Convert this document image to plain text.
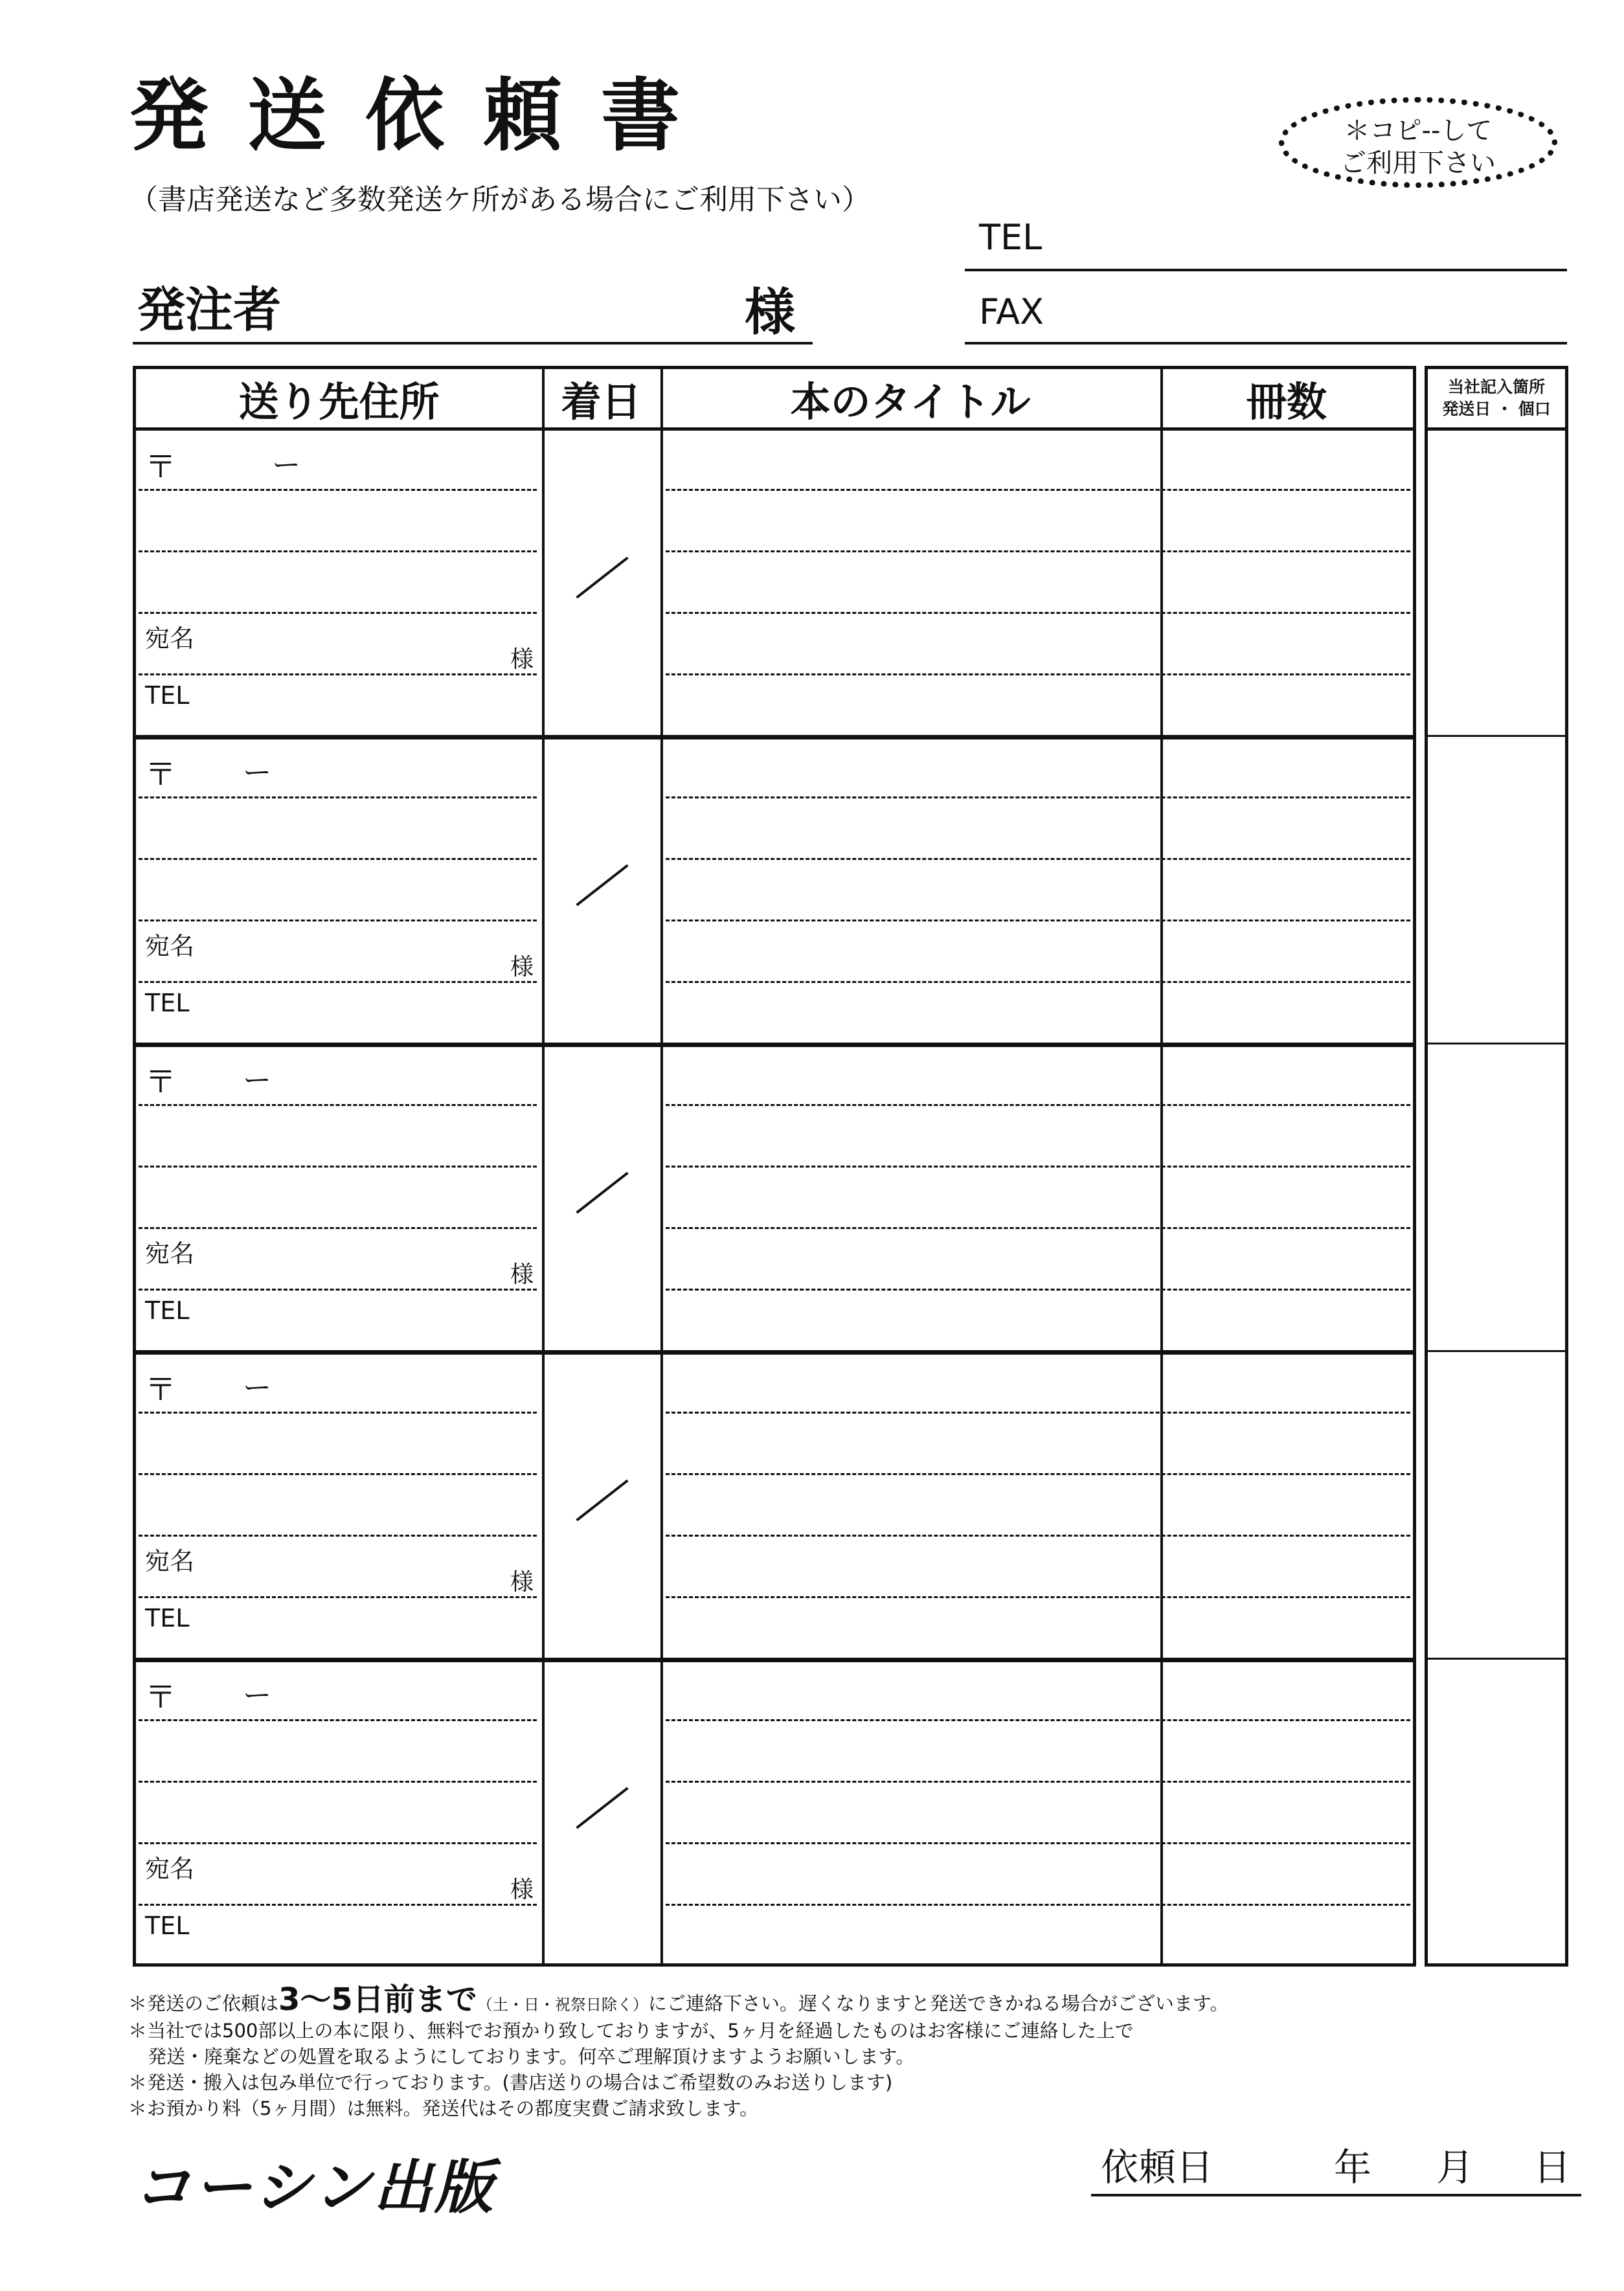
発送依頼書
（書店発送など多数発送ケ所がある場合にご利用下さい）
＊コピ--して
ご利用下さい
TEL
発注者	様	FAX
送り先住所	着日	本のタイトル	冊数
〒	ー
宛名
様
TEL
〒 ー
宛名
様
TEL
〒 ー
宛名
様
TEL
〒 ー
宛名
様
TEL
〒 ー
宛名
様
TEL
当社記入箇所
発送日 ・ 個口
＊発送のご依頼は3〜5日前まで（土・日・祝祭日除く）にご連絡下さい。遅くなりますと発送できかねる場合がございます。
＊当社では500部以上の本に限り、無料でお預かり致しておりますが、5ヶ月を経過したものはお客様にご連絡した上で
発送・廃棄などの処置を取るようにしております。何卒ご理解頂けますようお願いします。
＊発送・搬入は包み単位で行っております。(書店送りの場合はご希望数のみお送りします)
＊お預かり料（5ヶ月間）は無料。発送代はその都度実費ご請求致します。
コーシン出版	依頼日	年 月 日
